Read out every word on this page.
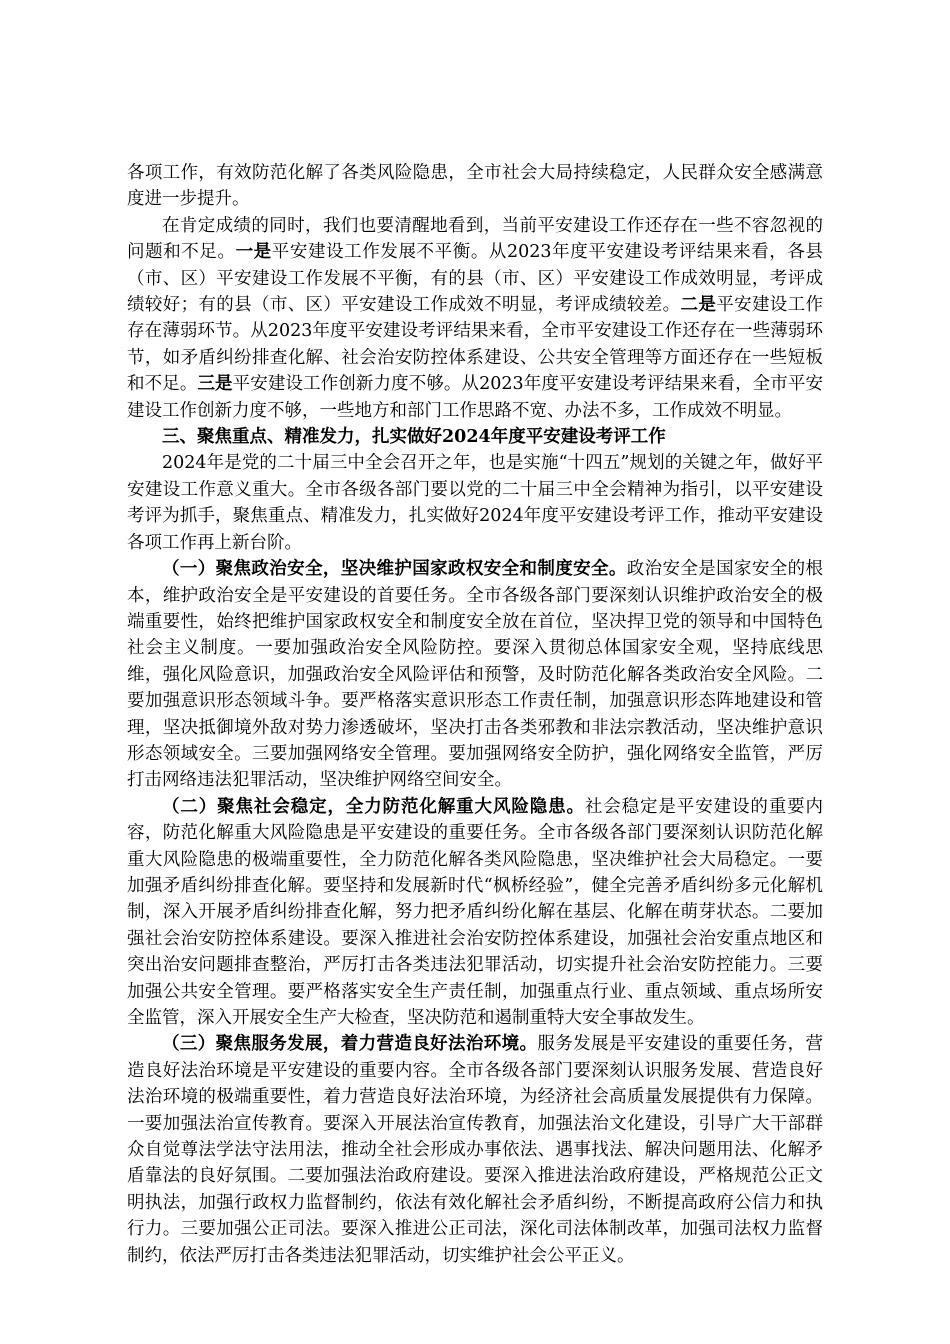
各项工作，有效防范化解了各类风险隐患，全市社会大局持续稳定，人民群众安全感满意度进一步提升。

在肯定成绩的同时，我们也要清醒地看到，当前平安建设工作还存在一些不容忽视的问题和不足。一是平安建设工作发展不平衡。从2023年度平安建设考评结果来看，各县（市、区）平安建设工作发展不平衡，有的县（市、区）平安建设工作成效明显，考评成绩较好；有的县（市、区）平安建设工作成效不明显，考评成绩较差。二是平安建设工作存在薄弱环节。从2023年度平安建设考评结果来看，全市平安建设工作还存在一些薄弱环节，如矛盾纠纷排查化解、社会治安防控体系建设、公共安全管理等方面还存在一些短板和不足。三是平安建设工作创新力度不够。从2023年度平安建设考评结果来看，全市平安建设工作创新力度不够，一些地方和部门工作思路不宽、办法不多，工作成效不明显。

三、聚焦重点、精准发力，扎实做好2024年度平安建设考评工作

2024年是党的二十届三中全会召开之年，也是实施“十四五”规划的关键之年，做好平安建设工作意义重大。全市各级各部门要以党的二十届三中全会精神为指引，以平安建设考评为抓手，聚焦重点、精准发力，扎实做好2024年度平安建设考评工作，推动平安建设各项工作再上新台阶。

（一）聚焦政治安全，坚决维护国家政权安全和制度安全。政治安全是国家安全的根本，维护政治安全是平安建设的首要任务。全市各级各部门要深刻认识维护政治安全的极端重要性，始终把维护国家政权安全和制度安全放在首位，坚决捍卫党的领导和中国特色社会主义制度。一要加强政治安全风险防控。要深入贯彻总体国家安全观，坚持底线思维，强化风险意识，加强政治安全风险评估和预警，及时防范化解各类政治安全风险。二要加强意识形态领域斗争。要严格落实意识形态工作责任制，加强意识形态阵地建设和管理，坚决抵御境外敌对势力渗透破坏，坚决打击各类邪教和非法宗教活动，坚决维护意识形态领域安全。三要加强网络安全管理。要加强网络安全防护，强化网络安全监管，严厉打击网络违法犯罪活动，坚决维护网络空间安全。

（二）聚焦社会稳定，全力防范化解重大风险隐患。社会稳定是平安建设的重要内容，防范化解重大风险隐患是平安建设的重要任务。全市各级各部门要深刻认识防范化解重大风险隐患的极端重要性，全力防范化解各类风险隐患，坚决维护社会大局稳定。一要加强矛盾纠纷排查化解。要坚持和发展新时代“枫桥经验”，健全完善矛盾纠纷多元化解机制，深入开展矛盾纠纷排查化解，努力把矛盾纠纷化解在基层、化解在萌芽状态。二要加强社会治安防控体系建设。要深入推进社会治安防控体系建设，加强社会治安重点地区和突出治安问题排查整治，严厉打击各类违法犯罪活动，切实提升社会治安防控能力。三要加强公共安全管理。要严格落实安全生产责任制，加强重点行业、重点领域、重点场所安全监管，深入开展安全生产大检查，坚决防范和遏制重特大安全事故发生。

（三）聚焦服务发展，着力营造良好法治环境。服务发展是平安建设的重要任务，营造良好法治环境是平安建设的重要内容。全市各级各部门要深刻认识服务发展、营造良好法治环境的极端重要性，着力营造良好法治环境，为经济社会高质量发展提供有力保障。一要加强法治宣传教育。要深入开展法治宣传教育，加强法治文化建设，引导广大干部群众自觉尊法学法守法用法，推动全社会形成办事依法、遇事找法、解决问题用法、化解矛盾靠法的良好氛围。二要加强法治政府建设。要深入推进法治政府建设，严格规范公正文明执法，加强行政权力监督制约，依法有效化解社会矛盾纠纷，不断提高政府公信力和执行力。三要加强公正司法。要深入推进公正司法，深化司法体制改革，加强司法权力监督制约，依法严厉打击各类违法犯罪活动，切实维护社会公平正义。
